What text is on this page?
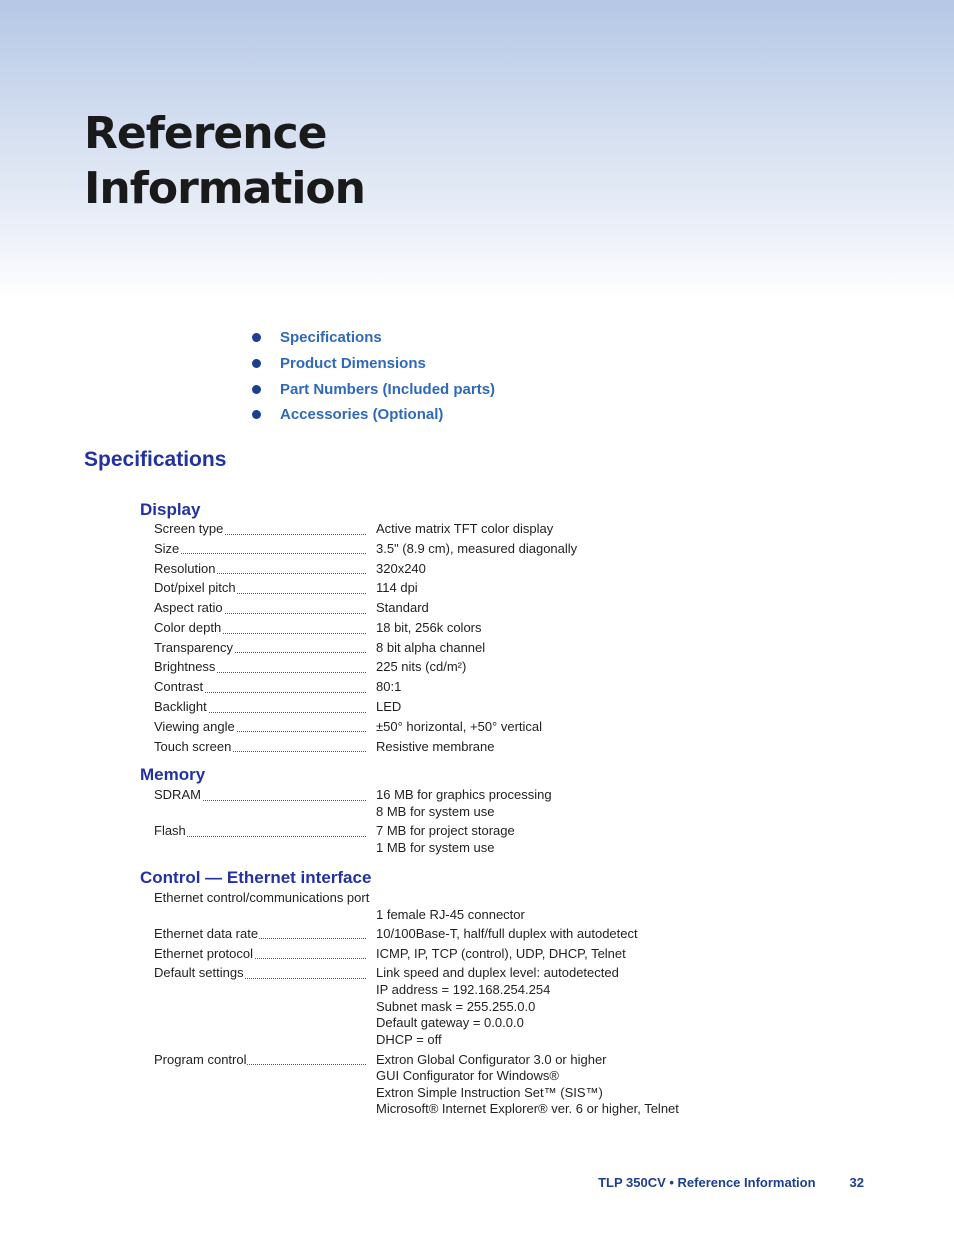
Reference
Information
Specifications
Product Dimensions
Part Numbers (Included parts)
Accessories (Optional)
Specifications
Display
Screen type	Active matrix TFT color display
Size	3.5" (8.9 cm), measured diagonally
Resolution	320x240
Dot/pixel pitch	114 dpi
Aspect ratio	Standard
Color depth	18 bit, 256k colors
Transparency	8 bit alpha channel
Brightness	225 nits (cd/m²)
Contrast	80:1
Backlight	LED
Viewing angle	±50° horizontal, +50° vertical
Touch screen	Resistive membrane
Memory
SDRAM	16 MB for graphics processing
8 MB for system use
Flash	7 MB for project storage
1 MB for system use
Control — Ethernet interface
Ethernet control/communications port
1 female RJ-45 connector
Ethernet data rate	10/100Base-T, half/full duplex with autodetect
Ethernet protocol	ICMP, IP, TCP (control), UDP, DHCP, Telnet
Default settings	Link speed and duplex level: autodetected
IP address = 192.168.254.254
Subnet mask = 255.255.0.0
Default gateway = 0.0.0.0
DHCP = off
Program control	Extron Global Configurator 3.0 or higher
GUI Configurator for Windows®
Extron Simple Instruction Set™ (SIS™)
Microsoft® Internet Explorer® ver. 6 or higher, Telnet
TLP 350CV • Reference Information	32
